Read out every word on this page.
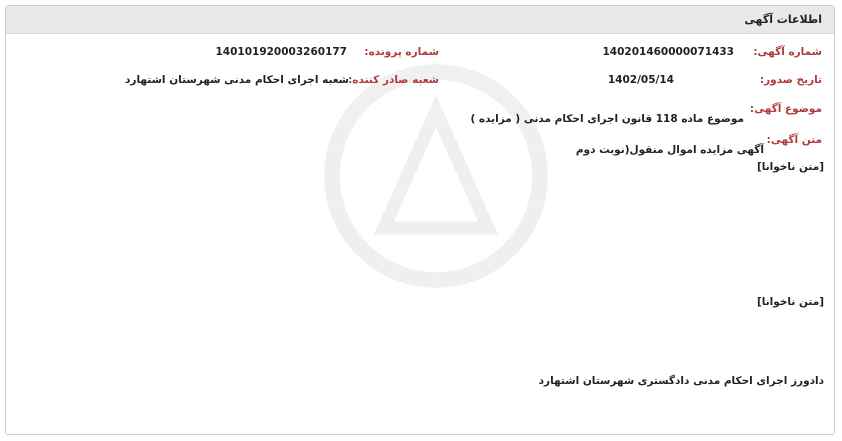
اطلاعات آگهی
شماره آگهی:
140201460000071433
شماره پرونده:
140101920003260177
تاریخ صدور:
1402/05/14
شعبه صادر کننده:
شعبه اجرای احکام مدنی شهرستان اشتهارد
موضوع آگهی:
موضوع ماده 118 قانون اجرای احکام مدنی ( مزایده )
متن آگهی:
آگهی مزایده اموال منقول(نوبت دوم
[متن ناخوانا]
[متن ناخوانا]
دادورز اجرای احکام مدنی دادگستری شهرستان اشتهارد
